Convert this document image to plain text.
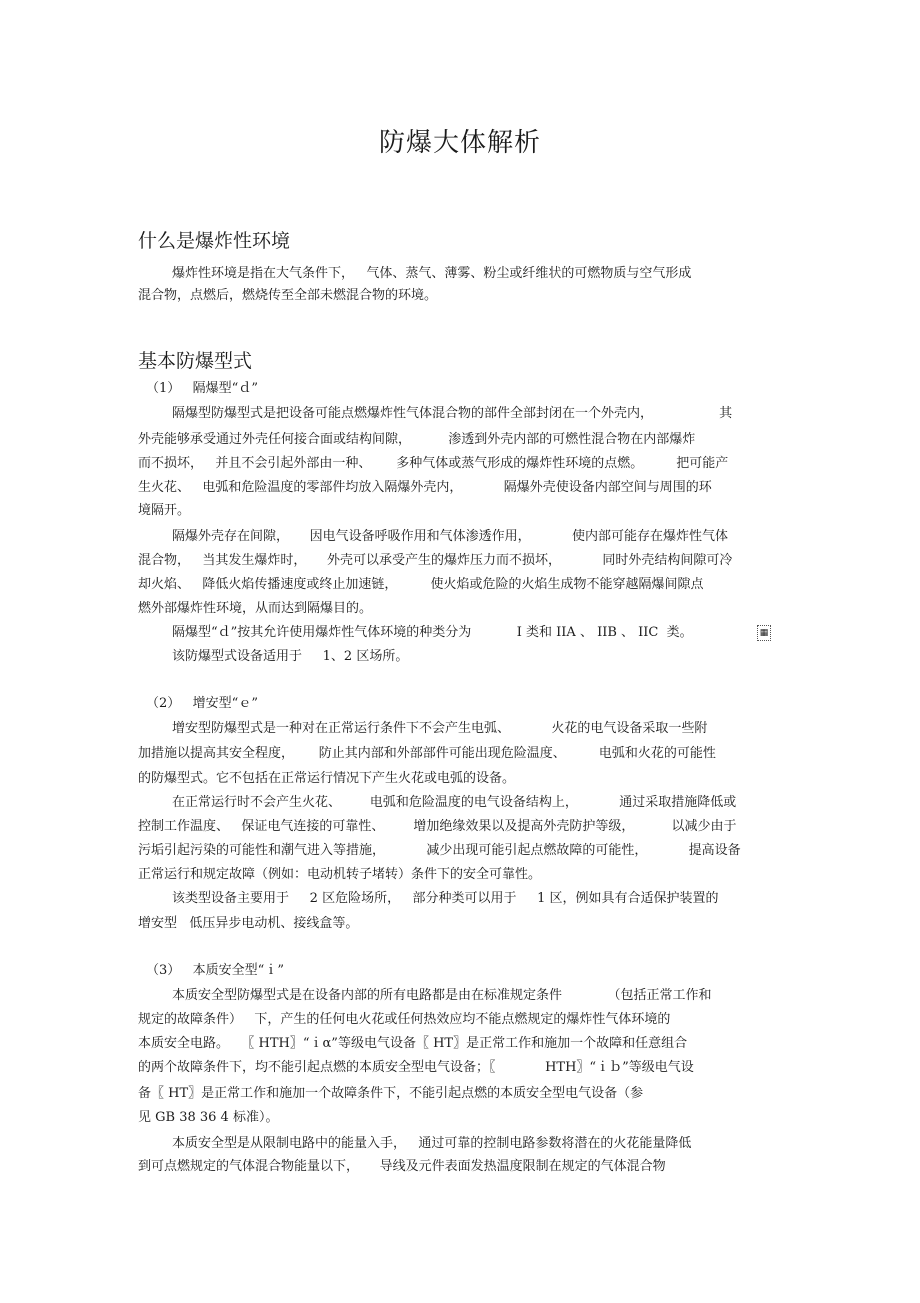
防爆大体解析
什么是爆炸性环境
爆炸性环境是指在大气条件下，   气体、蒸气、薄雾、粉尘或纤维状的可燃物质与空气形成
混合物，点燃后，燃烧传至全部未燃混合物的环境。
基本防爆型式
（1）   隔爆型“ｄ”
隔爆型防爆型式是把设备可能点燃爆炸性气体混合物的部件全部封闭在一个外壳内，                其
外壳能够承受通过外壳任何接合面或结构间隙，         渗透到外壳内部的可燃性混合物在内部爆炸
而不损坏，   并且不会引起外部由一种、      多种气体或蒸气形成的爆炸性环境的点燃。        把可能产
生火花、   电弧和危险温度的零部件均放入隔爆外壳内，          隔爆外壳使设备内部空间与周围的环
境隔开。
隔爆外壳存在间隙，     因电气设备呼吸作用和气体渗透作用，          使内部可能存在爆炸性气体
混合物，   当其发生爆炸时，     外壳可以承受产生的爆炸压力而不损坏，          同时外壳结构间隙可冷
却火焰、   降低火焰传播速度或终止加速链，        使火焰或危险的火焰生成物不能穿越隔爆间隙点
燃外部爆炸性环境，从而达到隔爆目的。
隔爆型“ｄ”按其允许使用爆炸性气体环境的种类分为           I 类和 IIA 、 IIB 、 IIC  类。	▦
该防爆型式设备适用于     1、2 区场所。
（2）   增安型“ｅ”
增安型防爆型式是一种对在正常运行条件下不会产生电弧、          火花的电气设备采取一些附
加措施以提高其安全程度，      防止其内部和外部部件可能出现危险温度、        电弧和火花的可能性
的防爆型式。它不包括在正常运行情况下产生火花或电弧的设备。
在正常运行时不会产生火花、       电弧和危险温度的电气设备结构上，          通过采取措施降低或
控制工作温度、   保证电气连接的可靠性、       增加绝缘效果以及提高外壳防护等级，         以减少由于
污垢引起污染的可能性和潮气进入等措施，          减少出现可能引起点燃故障的可能性，          提高设备
正常运行和规定故障（例如：电动机转子堵转）条件下的安全可靠性。
该类型设备主要用于     2 区危险场所，   部分种类可以用于     1 区，例如具有合适保护装置的
增安型   低压异步电动机、接线盒等。
（3）   本质安全型“ｉ”
本质安全型防爆型式是在设备内部的所有电路都是由在标准规定条件           （包括正常工作和
规定的故障条件）   下，产生的任何电火花或任何热效应均不能点燃规定的爆炸性气体环境的
本质安全电路。   〖 HTH〗“ｉα”等级电气设备〖 HT〗是正常工作和施加一个故障和任意组合
的两个故障条件下，均不能引起点燃的本质安全型电气设备；〖            HTH〗“ｉｂ”等级电气设
备〖 HT〗是正常工作和施加一个故障条件下，不能引起点燃的本质安全型电气设备（参
见 GB 38 36 4 标准）。
本质安全型是从限制电路中的能量入手，   通过可靠的控制电路参数将潜在的火花能量降低
到可点燃规定的气体混合物能量以下，     导线及元件表面发热温度限制在规定的气体混合物
